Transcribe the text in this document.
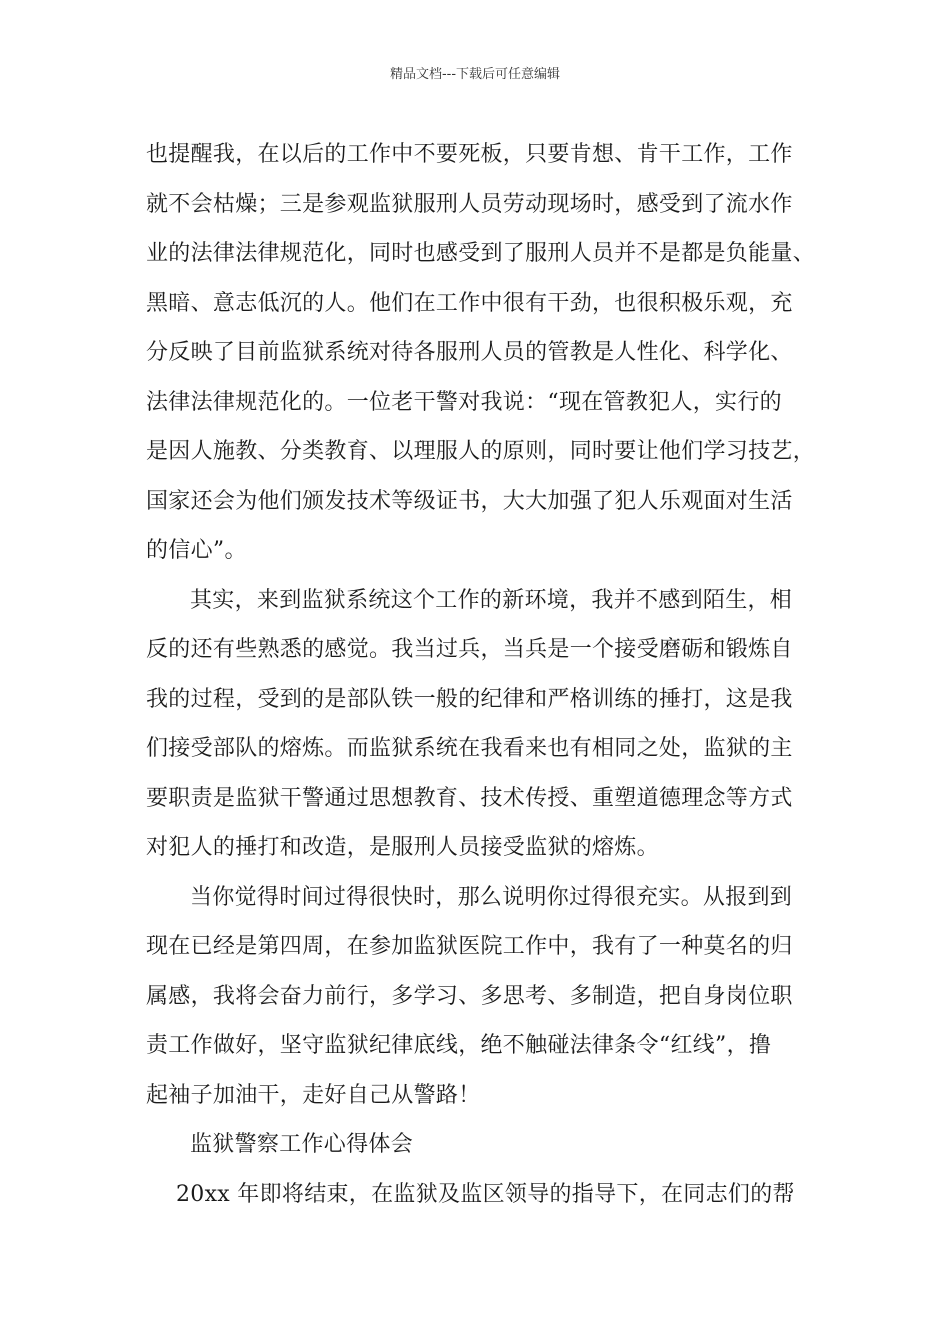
精品文档---下载后可任意编辑
也提醒我，在以后的工作中不要死板，只要肯想、肯干工作，工作
就不会枯燥；三是参观监狱服刑人员劳动现场时，感受到了流水作
业的法律法律规范化，同时也感受到了服刑人员并不是都是负能量、
黑暗、意志低沉的人。他们在工作中很有干劲，也很积极乐观，充
分反映了目前监狱系统对待各服刑人员的管教是人性化、科学化、
法律法律规范化的。一位老干警对我说：“现在管教犯人，实行的
是因人施教、分类教育、以理服人的原则，同时要让他们学习技艺，
国家还会为他们颁发技术等级证书，大大加强了犯人乐观面对生活
的信心”。
其实，来到监狱系统这个工作的新环境，我并不感到陌生，相
反的还有些熟悉的感觉。我当过兵，当兵是一个接受磨砺和锻炼自
我的过程，受到的是部队铁一般的纪律和严格训练的捶打，这是我
们接受部队的熔炼。而监狱系统在我看来也有相同之处，监狱的主
要职责是监狱干警通过思想教育、技术传授、重塑道德理念等方式
对犯人的捶打和改造，是服刑人员接受监狱的熔炼。
当你觉得时间过得很快时，那么说明你过得很充实。从报到到
现在已经是第四周，在参加监狱医院工作中，我有了一种莫名的归
属感，我将会奋力前行，多学习、多思考、多制造，把自身岗位职
责工作做好，坚守监狱纪律底线，绝不触碰法律条令“红线”，撸
起袖子加油干，走好自己从警路！
监狱警察工作心得体会
20xx 年即将结束，在监狱及监区领导的指导下，在同志们的帮
